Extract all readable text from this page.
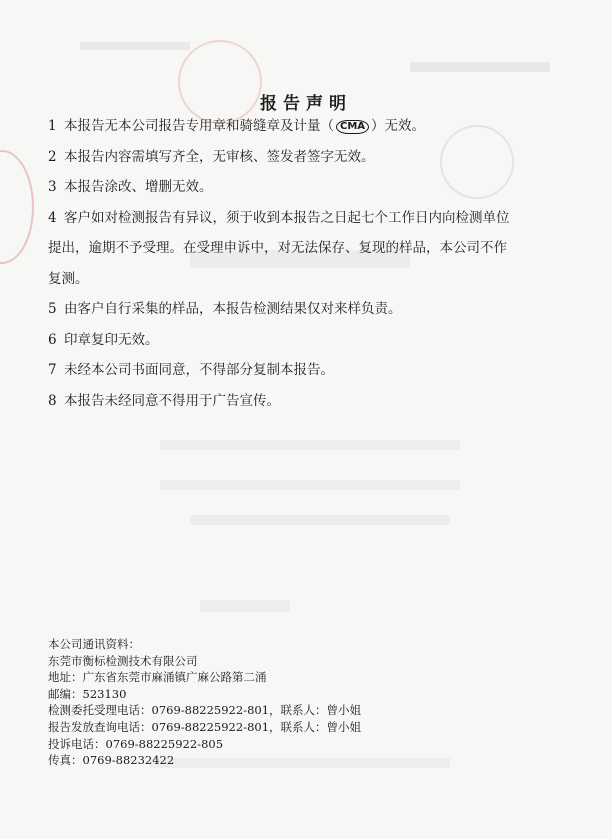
报告声明

1 本报告无本公司报告专用章和骑缝章及计量（ CMA ）无效。

2 本报告内容需填写齐全，无审核、签发者签字无效。

3 本报告涂改、增删无效。

4 客户如对检测报告有异议，须于收到本报告之日起七个工作日内向检测单位

提出，逾期不予受理。在受理申诉中，对无法保存、复现的样品，本公司不作

复测。

5 由客户自行采集的样品，本报告检测结果仅对来样负责。

6 印章复印无效。

7 未经本公司书面同意，不得部分复制本报告。

8 本报告未经同意不得用于广告宣传。

本公司通讯资料：
东莞市衡标检测技术有限公司
地址：广东省东莞市麻涌镇广麻公路第二涌
邮编：523130
检测委托受理电话：0769-88225922-801，联系人：曾小姐
报告发放查询电话：0769-88225922-801，联系人：曾小姐
投诉电话：0769-88225922-805
传真：0769-88232422
